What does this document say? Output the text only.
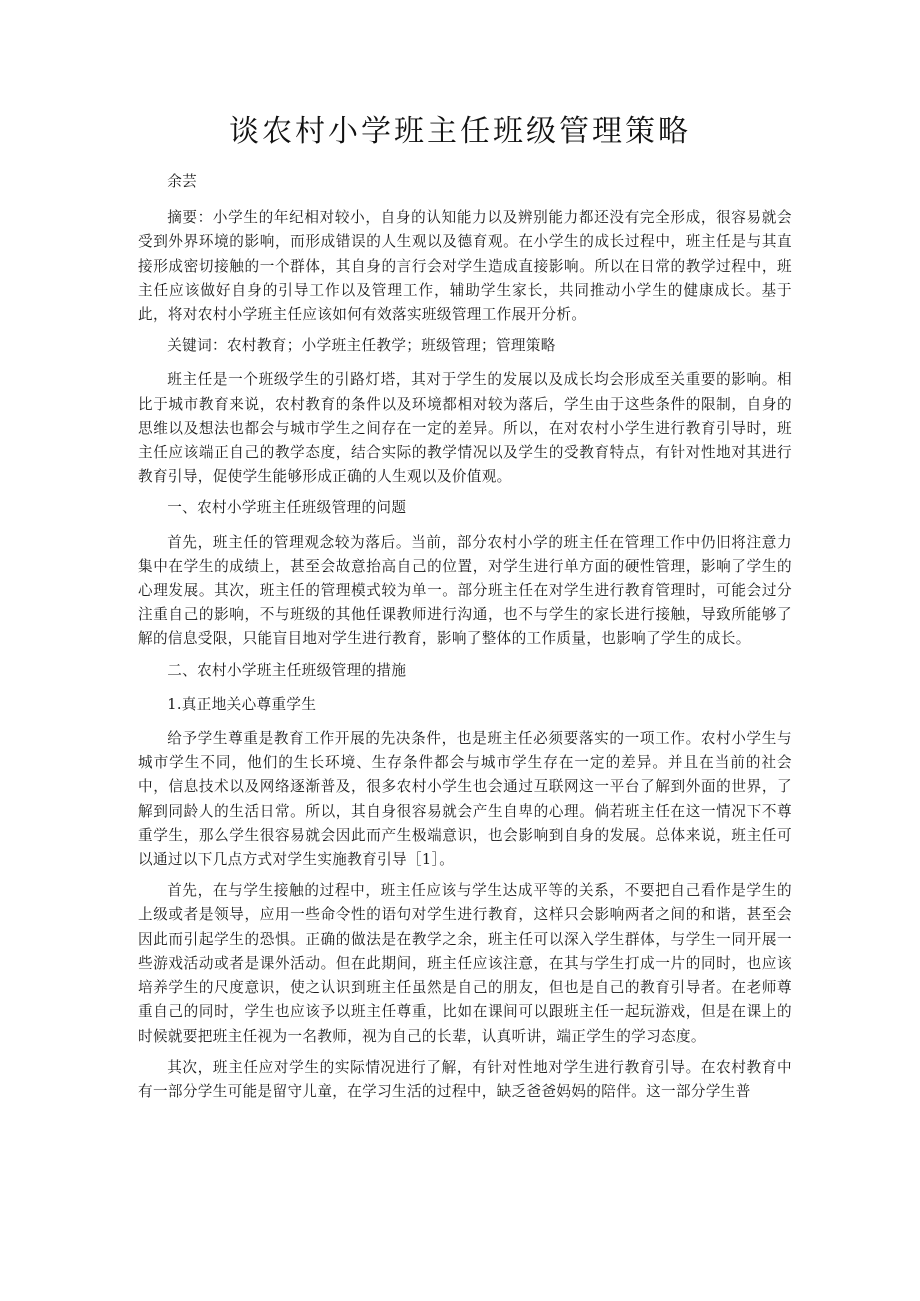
谈农村小学班主任班级管理策略

余芸

摘要：小学生的年纪相对较小，自身的认知能力以及辨别能力都还没有完全形成，很容易就会受到外界环境的影响，而形成错误的人生观以及德育观。在小学生的成长过程中，班主任是与其直接形成密切接触的一个群体，其自身的言行会对学生造成直接影响。所以在日常的教学过程中，班主任应该做好自身的引导工作以及管理工作，辅助学生家长，共同推动小学生的健康成长。基于此，将对农村小学班主任应该如何有效落实班级管理工作展开分析。

关键词：农村教育；小学班主任教学；班级管理；管理策略

班主任是一个班级学生的引路灯塔，其对于学生的发展以及成长均会形成至关重要的影响。相比于城市教育来说，农村教育的条件以及环境都相对较为落后，学生由于这些条件的限制，自身的思维以及想法也都会与城市学生之间存在一定的差异。所以，在对农村小学生进行教育引导时，班主任应该端正自己的教学态度，结合实际的教学情况以及学生的受教育特点，有针对性地对其进行教育引导，促使学生能够形成正确的人生观以及价值观。

一、农村小学班主任班级管理的问题

首先，班主任的管理观念较为落后。当前，部分农村小学的班主任在管理工作中仍旧将注意力集中在学生的成绩上，甚至会故意抬高自己的位置，对学生进行单方面的硬性管理，影响了学生的心理发展。其次，班主任的管理模式较为单一。部分班主任在对学生进行教育管理时，可能会过分注重自己的影响，不与班级的其他任课教师进行沟通，也不与学生的家长进行接触，导致所能够了解的信息受限，只能盲目地对学生进行教育，影响了整体的工作质量，也影响了学生的成长。

二、农村小学班主任班级管理的措施

1.真正地关心尊重学生

给予学生尊重是教育工作开展的先决条件，也是班主任必须要落实的一项工作。农村小学生与城市学生不同，他们的生长环境、生存条件都会与城市学生存在一定的差异。并且在当前的社会中，信息技术以及网络逐渐普及，很多农村小学生也会通过互联网这一平台了解到外面的世界，了解到同龄人的生活日常。所以，其自身很容易就会产生自卑的心理。倘若班主任在这一情况下不尊重学生，那么学生很容易就会因此而产生极端意识，也会影响到自身的发展。总体来说，班主任可以通过以下几点方式对学生实施教育引导［1］。

首先，在与学生接触的过程中，班主任应该与学生达成平等的关系，不要把自己看作是学生的上级或者是领导，应用一些命令性的语句对学生进行教育，这样只会影响两者之间的和谐，甚至会因此而引起学生的恐惧。正确的做法是在教学之余，班主任可以深入学生群体，与学生一同开展一些游戏活动或者是课外活动。但在此期间，班主任应该注意，在其与学生打成一片的同时，也应该培养学生的尺度意识，使之认识到班主任虽然是自己的朋友，但也是自己的教育引导者。在老师尊重自己的同时，学生也应该予以班主任尊重，比如在课间可以跟班主任一起玩游戏，但是在课上的时候就要把班主任视为一名教师，视为自己的长辈，认真听讲，端正学生的学习态度。

其次，班主任应对学生的实际情况进行了解，有针对性地对学生进行教育引导。在农村教育中有一部分学生可能是留守儿童，在学习生活的过程中，缺乏爸爸妈妈的陪伴。这一部分学生普
